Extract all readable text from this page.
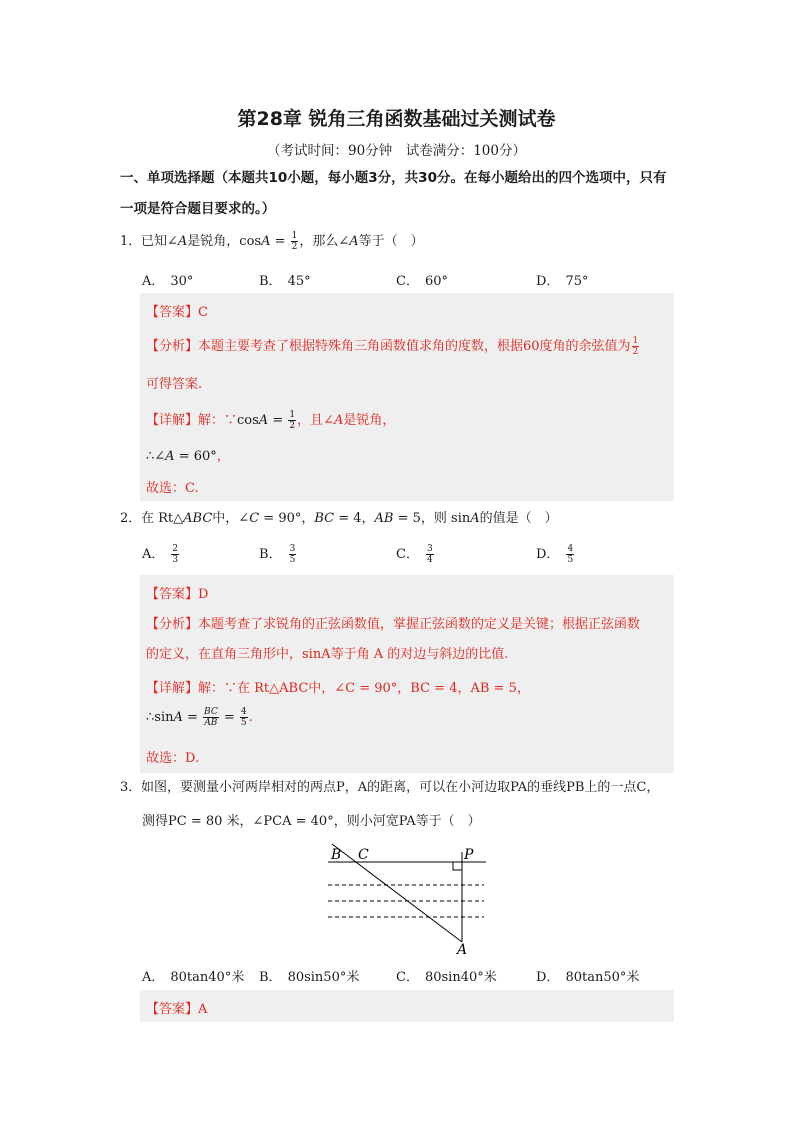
第28章 锐角三角函数基础过关测试卷
（考试时间：90分钟　试卷满分：100分）
一、单项选择题（本题共10小题，每小题3分，共30分。在每小题给出的四个选项中，只有
一项是符合题目要求的。）
1．已知∠A是锐角，$\cos A = \frac{1}{2}$ ，那么∠A等于（　）
A． 30°	B． 45°	C． 60°	D． 75°
【答案】C
【分析】本题主要考查了根据特殊角三角函数值求角的度数，根据60度角的余弦值为 $\frac{1}{2}$
可得答案.
【详解】解：∵cosA = $\frac{1}{2}$ ，且∠A是锐角，
∴∠A = 60°，
故选：C.
2．在 Rt△ABC中，∠C = 90°，BC = 4，AB = 5，则 sinA的值是（　）
A． $\frac{2}{3}$	B． $\frac{3}{5}$	C． $\frac{3}{4}$	D． $\frac{4}{5}$
【答案】D
【分析】本题考查了求锐角的正弦函数值，掌握正弦函数的定义是关键；根据正弦函数
的定义，在直角三角形中，sinA等于角 A 的对边与斜边的比值.
【详解】解：∵在 Rt△ABC中，∠C = 90°，BC = 4，AB = 5，
∴sinA = $\frac{BC}{AB} = \frac{4}{5}$ .
故选：D.
3．如图，要测量小河两岸相对的两点P，A的距离，可以在小河边取PA的垂线PB上的一点C，
测得PC = 80 米，∠PCA = 40°，则小河宽PA等于（　）
B C	P
A
A． 80tan40°米 B． 80sin50°米	C． 80sin40°米	D． 80tan50°米
【答案】A
